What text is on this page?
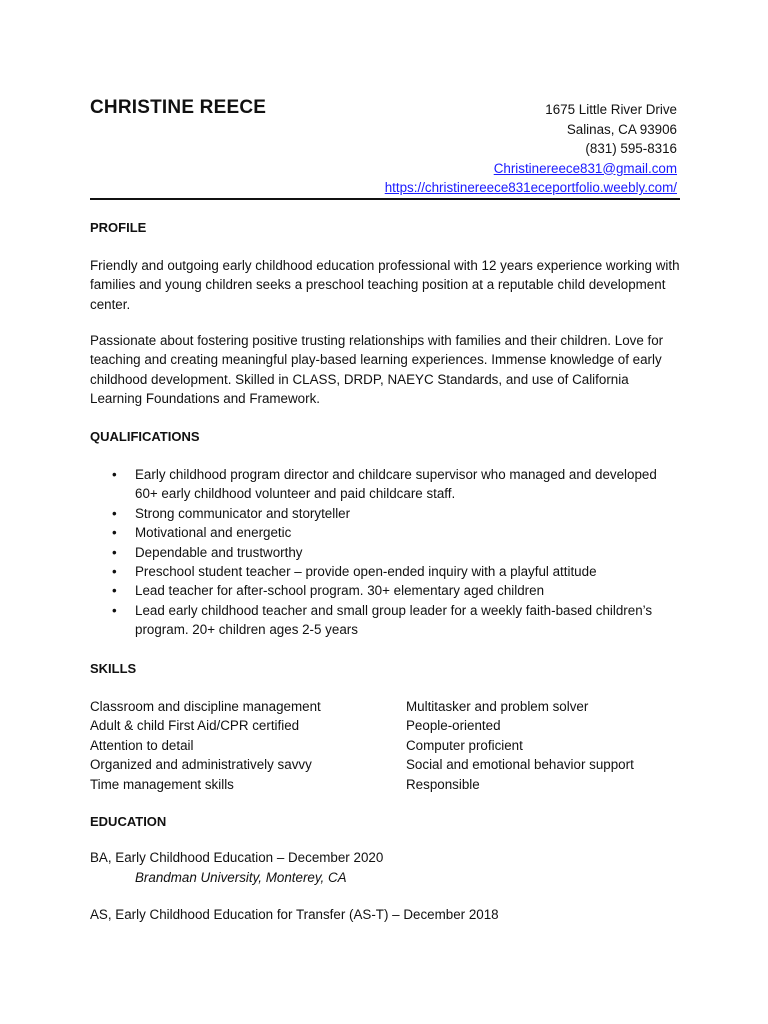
CHRISTINE REECE	1675 Little River Drive
Salinas, CA 93906
(831) 595-8316
Christinereece831@gmail.com
https://christinereece831eceportfolio.weebly.com/
PROFILE

Friendly and outgoing early childhood education professional with 12 years experience working with families and young children seeks a preschool teaching position at a reputable child development center.

Passionate about fostering positive trusting relationships with families and their children. Love for teaching and creating meaningful play-based learning experiences. Immense knowledge of early childhood development. Skilled in CLASS, DRDP, NAEYC Standards, and use of California Learning Foundations and Framework.

QUALIFICATIONS
• Early childhood program director and childcare supervisor who managed and developed 60+ early childhood volunteer and paid childcare staff.
• Strong communicator and storyteller
• Motivational and energetic
• Dependable and trustworthy
• Preschool student teacher – provide open-ended inquiry with a playful attitude
• Lead teacher for after-school program. 30+ elementary aged children
• Lead early childhood teacher and small group leader for a weekly faith-based children’s program. 20+ children ages 2-5 years
SKILLS
Classroom and discipline management
Adult & child First Aid/CPR certified
Attention to detail
Organized and administratively savvy
Time management skills
Multitasker and problem solver
People-oriented
Computer proficient
Social and emotional behavior support
Responsible
EDUCATION
BA, Early Childhood Education – December 2020
Brandman University, Monterey, CA
AS, Early Childhood Education for Transfer (AS-T) – December 2018
